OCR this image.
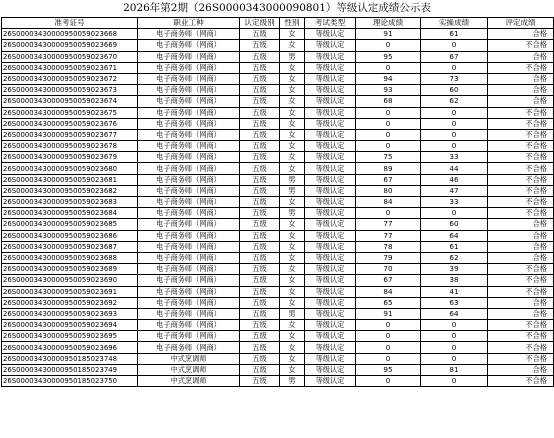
2026年第2期（26S000034300009080​1）等级认定成绩公示表
准考证号	职业工种	认定级别	性别	考试类型	理论成绩	实操成绩	评定成绩
26S0000343000095005902366​8	电子商务师（网商）	五级	女	等级认定	91	61	合格
26S000034300009500590236​69	电子商务师（网商）	五级	女	等级认定	0	0	不合格
26S000034300009500590236​70	电子商务师（网商）	五级	男	等级认定	95	67	合格
26S000034300009500590236​71	电子商务师（网商）	五级	女	等级认定	0	0	不合格
26S000034300009500590236​72	电子商务师（网商）	五级	女	等级认定	94	73	合格
26S000034300009500590236​73	电子商务师（网商）	五级	女	等级认定	93	60	合格
26S000034300009500590236​74	电子商务师（网商）	五级	女	等级认定	68	62	合格
26S000034300009500590236​75	电子商务师（网商）	五级	女	等级认定	0	0	不合格
26S000034300009500590236​76	电子商务师（网商）	五级	女	等级认定	0	0	不合格
26S000034300009500590236​77	电子商务师（网商）	五级	女	等级认定	0	0	不合格
26S000034300009500590236​78	电子商务师（网商）	五级	女	等级认定	0	0	不合格
26S000034300009500590236​79	电子商务师（网商）	五级	女	等级认定	75	33	不合格
26S000034300009500590236​80	电子商务师（网商）	五级	女	等级认定	89	44	不合格
26S000034300009500590236​81	电子商务师（网商）	五级	男	等级认定	67	46	不合格
26S000034300009500590236​82	电子商务师（网商）	五级	男	等级认定	80	47	不合格
26S000034300009500590236​83	电子商务师（网商）	五级	女	等级认定	84	33	不合格
26S000034300009500590236​84	电子商务师（网商）	五级	男	等级认定	0	0	不合格
26S000034300009500590236​85	电子商务师（网商）	五级	女	等级认定	77	60	合格
26S000034300009500590236​86	电子商务师（网商）	五级	女	等级认定	77	64	合格
26S000034300009500590236​87	电子商务师（网商）	五级	女	等级认定	78	61	合格
26S000034300009500590236​88	电子商务师（网商）	五级	女	等级认定	79	62	合格
26S000034300009500590236​89	电子商务师（网商）	五级	女	等级认定	70	39	不合格
26S000034300009500590236​90	电子商务师（网商）	五级	女	等级认定	67	38	不合格
26S000034300009500590236​91	电子商务师（网商）	五级	女	等级认定	84	41	不合格
26S000034300009500590236​92	电子商务师（网商）	五级	女	等级认定	65	63	合格
26S000034300009500590236​93	电子商务师（网商）	五级	男	等级认定	91	64	合格
26S000034300009500590236​94	电子商务师（网商）	五级	女	等级认定	0	0	不合格
26S000034300009500590236​95	电子商务师（网商）	五级	女	等级认定	0	0	不合格
26S000034300009500590236​96	电子商务师（网商）	五级	女	等级认定	0	0	不合格
26S000034300009501850237​48	中式烹调师	五级	女	等级认定	0	0	不合格
26S000034300009501850237​49	中式烹调师	五级	女	等级认定	95	81	合格
26S000034300009501850237​50	中式烹调师	五级	男	等级认定	0	0	不合格
